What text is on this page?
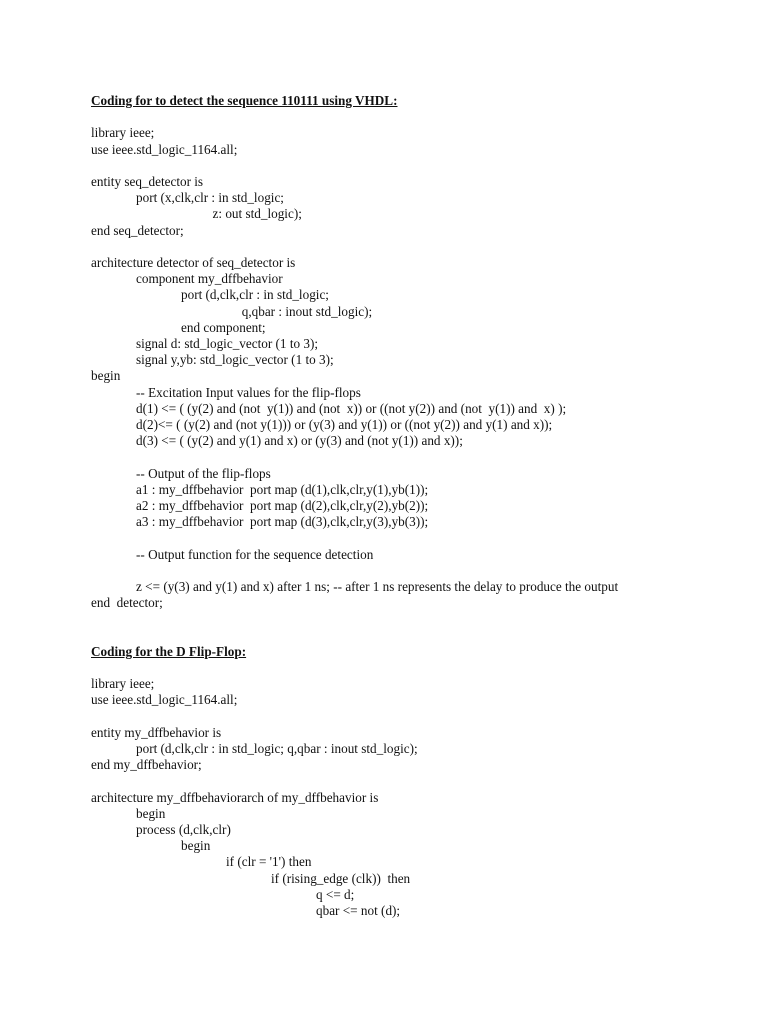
Coding for to detect the sequence 110111 using VHDL:
library ieee;
use ieee.std_logic_1164.all;
entity seq_detector is
port (x,clk,clr : in std_logic;
z: out std_logic);
end seq_detector;
architecture detector of seq_detector is
component my_dffbehavior
port (d,clk,clr : in std_logic;
q,qbar : inout std_logic);
end component;
signal d: std_logic_vector (1 to 3);
signal y,yb: std_logic_vector (1 to 3);
begin
-- Excitation Input values for the flip-flops
d(1) <= ( (y(2) and (not  y(1)) and (not  x)) or ((not y(2)) and (not  y(1)) and  x) );
d(2)<= ( (y(2) and (not y(1))) or (y(3) and y(1)) or ((not y(2)) and y(1) and x));
d(3) <= ( (y(2) and y(1) and x) or (y(3) and (not y(1)) and x));
-- Output of the flip-flops
a1 : my_dffbehavior  port map (d(1),clk,clr,y(1),yb(1));
a2 : my_dffbehavior  port map (d(2),clk,clr,y(2),yb(2));
a3 : my_dffbehavior  port map (d(3),clk,clr,y(3),yb(3));
-- Output function for the sequence detection
z <= (y(3) and y(1) and x) after 1 ns; -- after 1 ns represents the delay to produce the output
end  detector;
Coding for the D Flip-Flop:
library ieee;
use ieee.std_logic_1164.all;
entity my_dffbehavior is
port (d,clk,clr : in std_logic; q,qbar : inout std_logic);
end my_dffbehavior;
architecture my_dffbehaviorarch of my_dffbehavior is
begin
process (d,clk,clr)
begin
if (clr = '1') then
if (rising_edge (clk))  then
q <= d;
qbar <= not (d);
